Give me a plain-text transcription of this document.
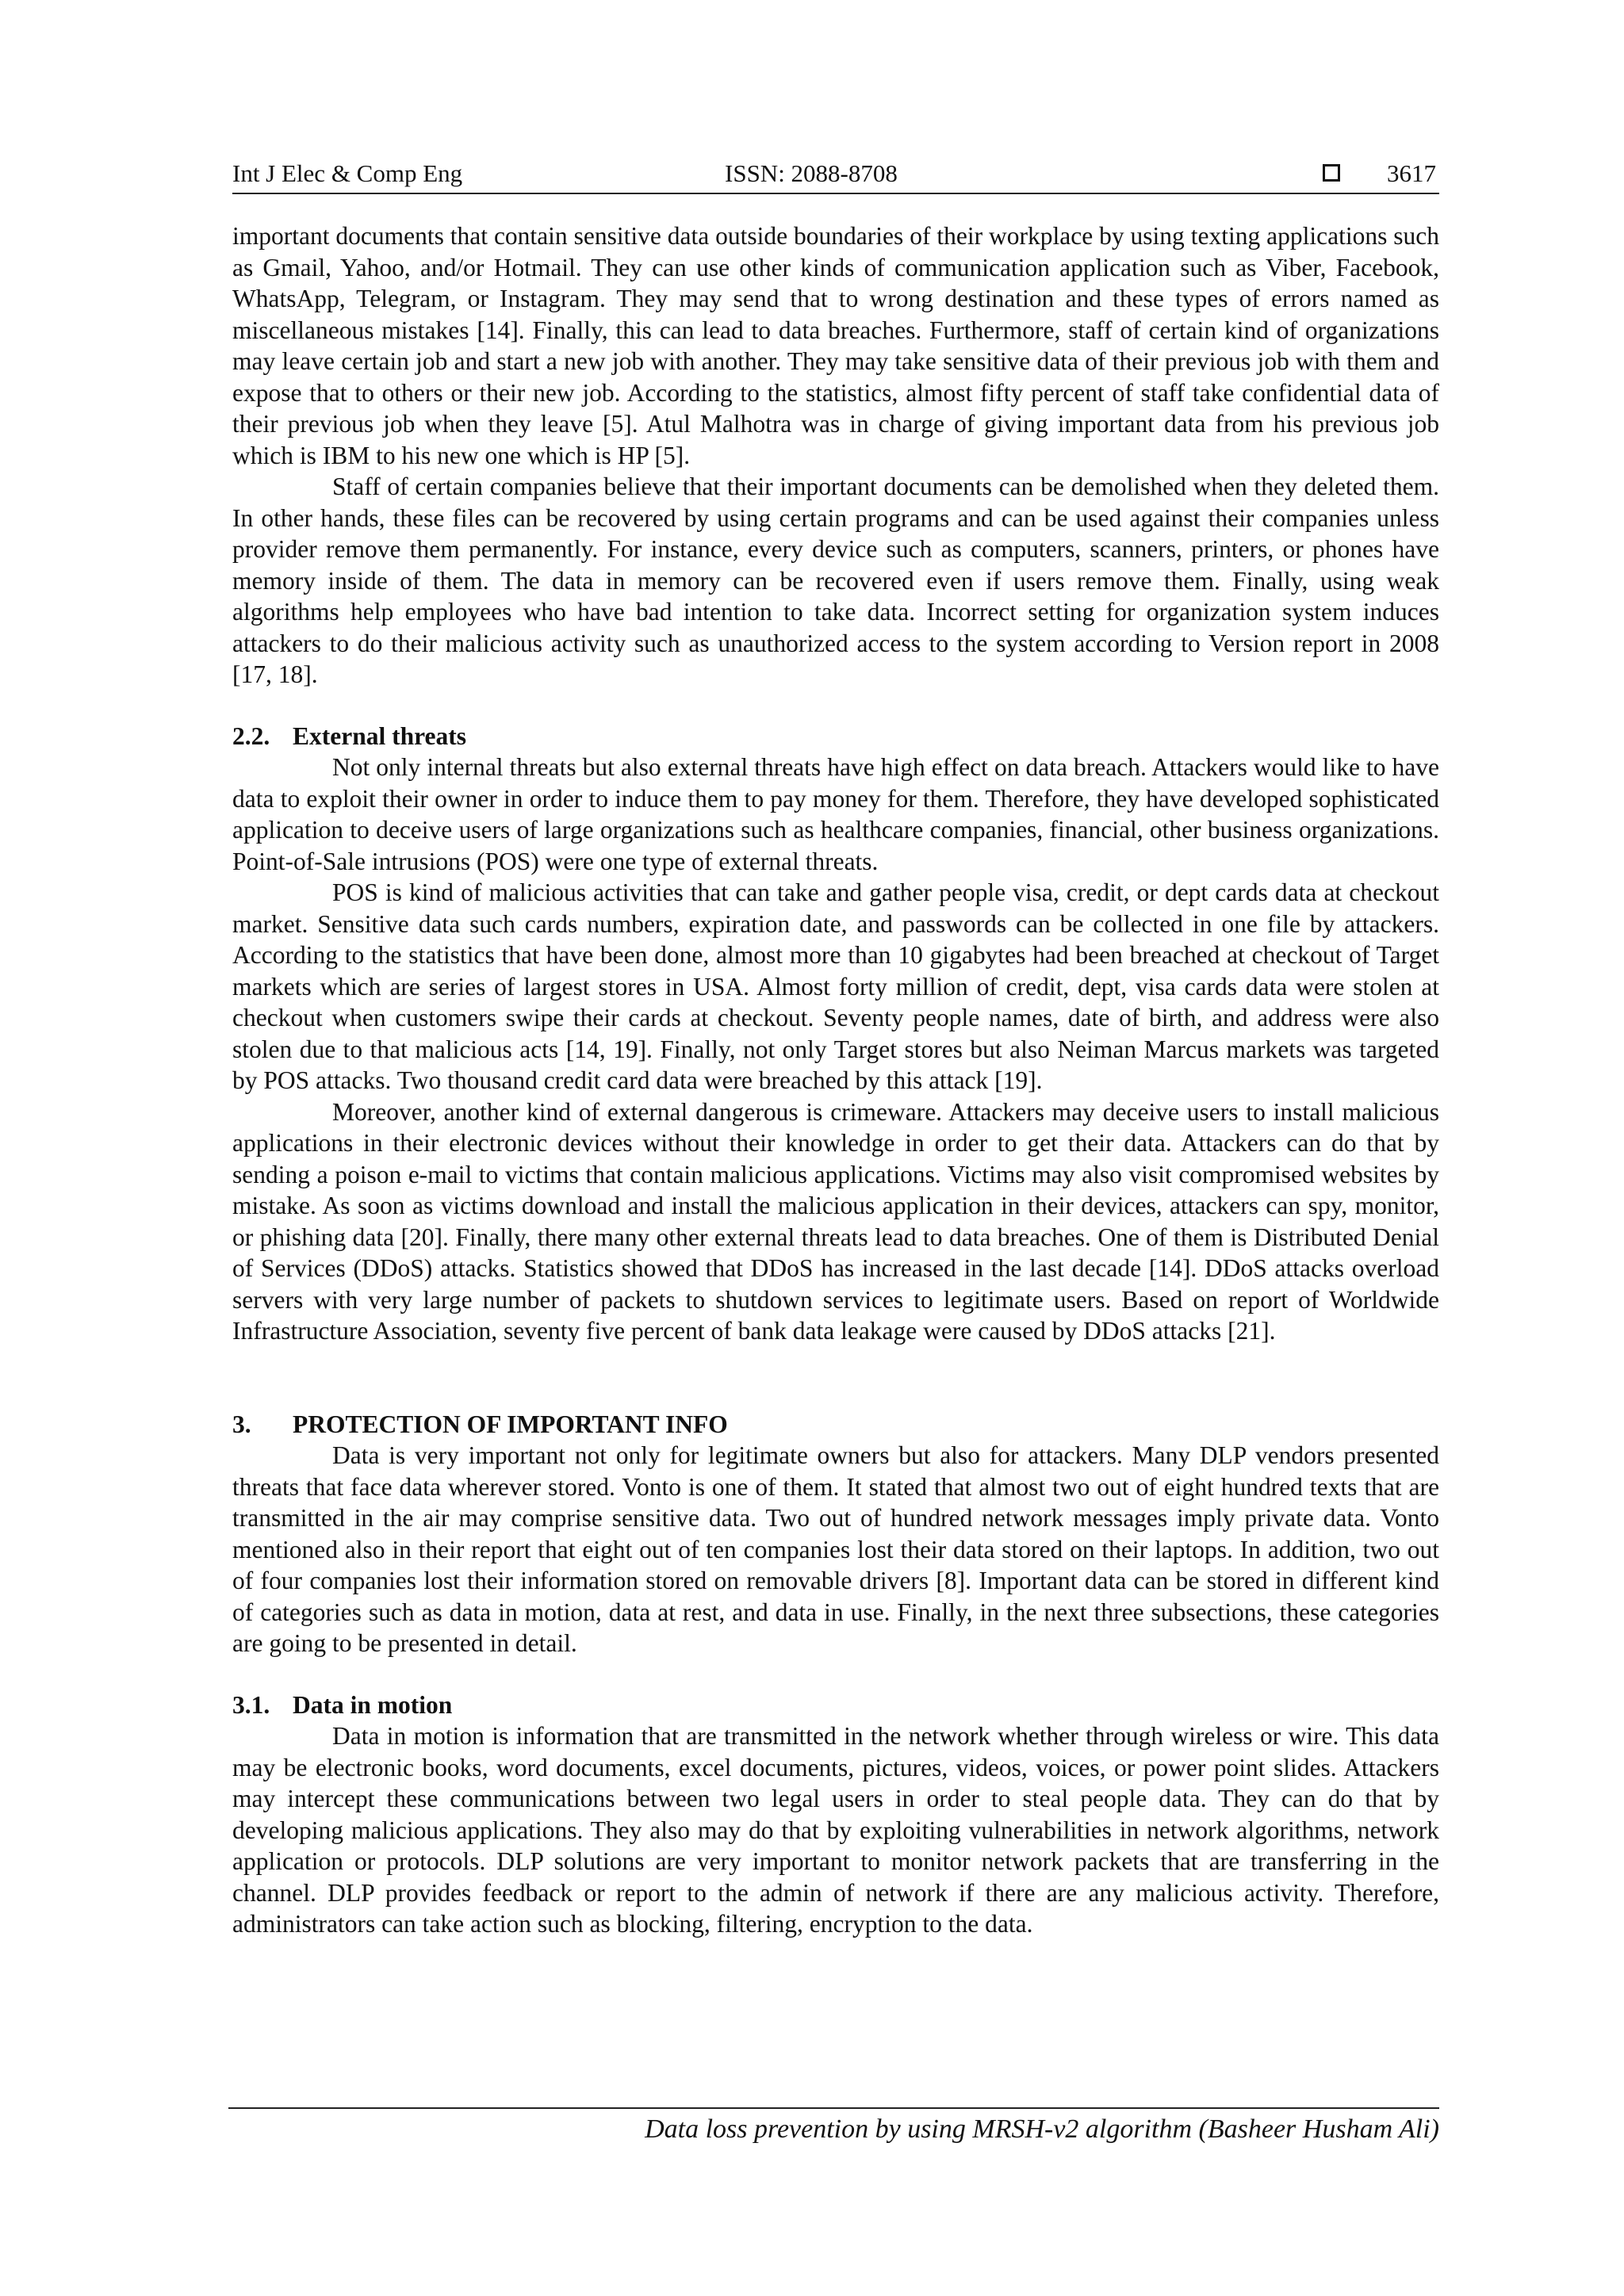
Int J Elec & Comp Eng	ISSN: 2088-8708	3617

important documents that contain sensitive data outside boundaries of their workplace by using texting applications such as Gmail, Yahoo, and/or Hotmail. They can use other kinds of communication application such as Viber, Facebook, WhatsApp, Telegram, or Instagram. They may send that to wrong destination and these types of errors named as miscellaneous mistakes [14]. Finally, this can lead to data breaches. Furthermore, staff of certain kind of organizations may leave certain job and start a new job with another. They may take sensitive data of their previous job with them and expose that to others or their new job. According to the statistics, almost fifty percent of staff take confidential data of their previous job when they leave [5]. Atul Malhotra was in charge of giving important data from his previous job which is IBM to his new one which is HP [5].

Staff of certain companies believe that their important documents can be demolished when they deleted them. In other hands, these files can be recovered by using certain programs and can be used against their companies unless provider remove them permanently. For instance, every device such as computers, scanners, printers, or phones have memory inside of them. The data in memory can be recovered even if users remove them. Finally, using weak algorithms help employees who have bad intention to take data. Incorrect setting for organization system induces attackers to do their malicious activity such as unauthorized access to the system according to Version report in 2008 [17, 18].

2.2. External threats

Not only internal threats but also external threats have high effect on data breach. Attackers would like to have data to exploit their owner in order to induce them to pay money for them. Therefore, they have developed sophisticated application to deceive users of large organizations such as healthcare companies, financial, other business organizations. Point-of-Sale intrusions (POS) were one type of external threats.

POS is kind of malicious activities that can take and gather people visa, credit, or dept cards data at checkout market. Sensitive data such cards numbers, expiration date, and passwords can be collected in one file by attackers. According to the statistics that have been done, almost more than 10 gigabytes had been breached at checkout of Target markets which are series of largest stores in USA. Almost forty million of credit, dept, visa cards data were stolen at checkout when customers swipe their cards at checkout. Seventy people names, date of birth, and address were also stolen due to that malicious acts [14, 19]. Finally, not only Target stores but also Neiman Marcus markets was targeted by POS attacks. Two thousand credit card data were breached by this attack [19].

Moreover, another kind of external dangerous is crimeware. Attackers may deceive users to install malicious applications in their electronic devices without their knowledge in order to get their data. Attackers can do that by sending a poison e-mail to victims that contain malicious applications. Victims may also visit compromised websites by mistake. As soon as victims download and install the malicious application in their devices, attackers can spy, monitor, or phishing data [20]. Finally, there many other external threats lead to data breaches. One of them is Distributed Denial of Services (DDoS) attacks. Statistics showed that DDoS has increased in the last decade [14]. DDoS attacks overload servers with very large number of packets to shutdown services to legitimate users. Based on report of Worldwide Infrastructure Association, seventy five percent of bank data leakage were caused by DDoS attacks [21].

3. PROTECTION OF IMPORTANT INFO

Data is very important not only for legitimate owners but also for attackers. Many DLP vendors presented threats that face data wherever stored. Vonto is one of them. It stated that almost two out of eight hundred texts that are transmitted in the air may comprise sensitive data. Two out of hundred network messages imply private data. Vonto mentioned also in their report that eight out of ten companies lost their data stored on their laptops. In addition, two out of four companies lost their information stored on removable drivers [8]. Important data can be stored in different kind of categories such as data in motion, data at rest, and data in use. Finally, in the next three subsections, these categories are going to be presented in detail.

3.1. Data in motion

Data in motion is information that are transmitted in the network whether through wireless or wire. This data may be electronic books, word documents, excel documents, pictures, videos, voices, or power point slides. Attackers may intercept these communications between two legal users in order to steal people data. They can do that by developing malicious applications. They also may do that by exploiting vulnerabilities in network algorithms, network application or protocols. DLP solutions are very important to monitor network packets that are transferring in the channel. DLP provides feedback or report to the admin of network if there are any malicious activity. Therefore, administrators can take action such as blocking, filtering, encryption to the data.

Data loss prevention by using MRSH-v2 algorithm (Basheer Husham Ali)
